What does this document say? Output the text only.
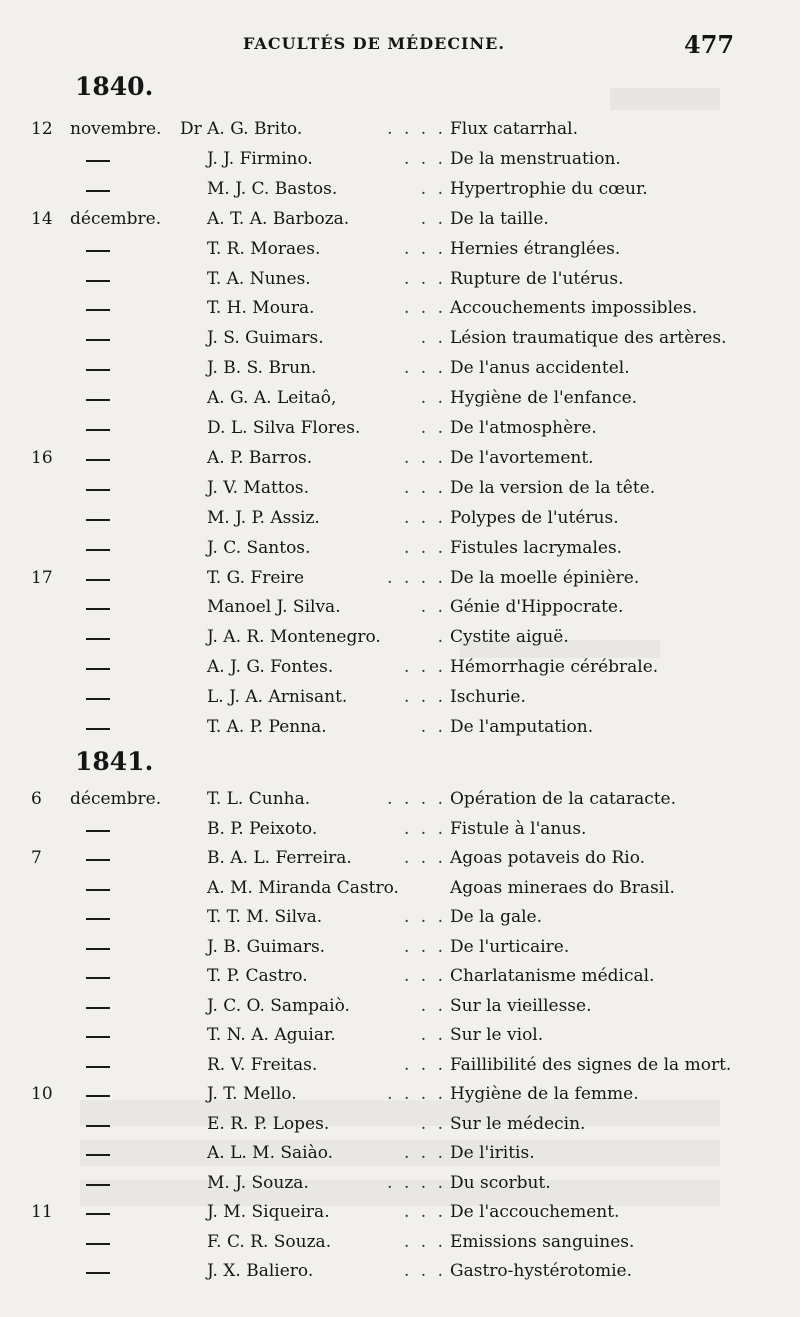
FACULTÉS DE MÉDECINE.	477
1840.
1841.
12	novembre. Dr A. G. Brito.	. . . . Flux catarrhal.
J. J. Firmino.	. . . De la menstruation.
M. J. C. Bastos.	. . Hypertrophie du cœur.
14	décembre.	A. T. A. Barboza.	. . De la taille.
T. R. Moraes.	. . . Hernies étranglées.
T. A. Nunes.	. . . Rupture de l'utérus.
T. H. Moura.	. . . Accouchements impossibles.
J. S. Guimars.	. . Lésion traumatique des artères.
J. B. S. Brun.	. . . De l'anus accidentel.
A. G. A. Leitaô,	. . Hygiène de l'enfance.
D. L. Silva Flores.	. . De l'atmosphère.
16	A. P. Barros.	. . . De l'avortement.
J. V. Mattos.	. . . De la version de la tête.
M. J. P. Assiz.	. . . Polypes de l'utérus.
J. C. Santos.	. . . Fistules lacrymales.
17	T. G. Freire	. . . . De la moelle épinière.
Manoel J. Silva.	. . Génie d'Hippocrate.
J. A. R. Montenegro.	. Cystite aiguë.
A. J. G. Fontes.	. . . Hémorrhagie cérébrale.
L. J. A. Arnisant.	. . . Ischurie.
T. A. P. Penna.	. . De l'amputation.
6	décembre.	T. L. Cunha.	. . . . Opération de la cataracte.
B. P. Peixoto.	. . . Fistule à l'anus.
7	B. A. L. Ferreira.	. . . Agoas potaveis do Rio.
A. M. Miranda Castro.	Agoas mineraes do Brasil.
T. T. M. Silva.	. . . De la gale.
J. B. Guimars.	. . . De l'urticaire.
T. P. Castro.	. . . Charlatanisme médical.
J. C. O. Sampaiò.	. . Sur la vieillesse.
T. N. A. Aguiar.	. . Sur le viol.
R. V. Freitas.	. . . Faillibilité des signes de la mort.
10	J. T. Mello.	. . . . Hygiène de la femme.
E. R. P. Lopes.	. . Sur le médecin.
A. L. M. Saiào.	. . . De l'iritis.
M. J. Souza.	. . . . Du scorbut.
11	J. M. Siqueira.	. . . De l'accouchement.
F. C. R. Souza.	. . . Emissions sanguines.
J. X. Baliero.	. . . Gastro-hystérotomie.
